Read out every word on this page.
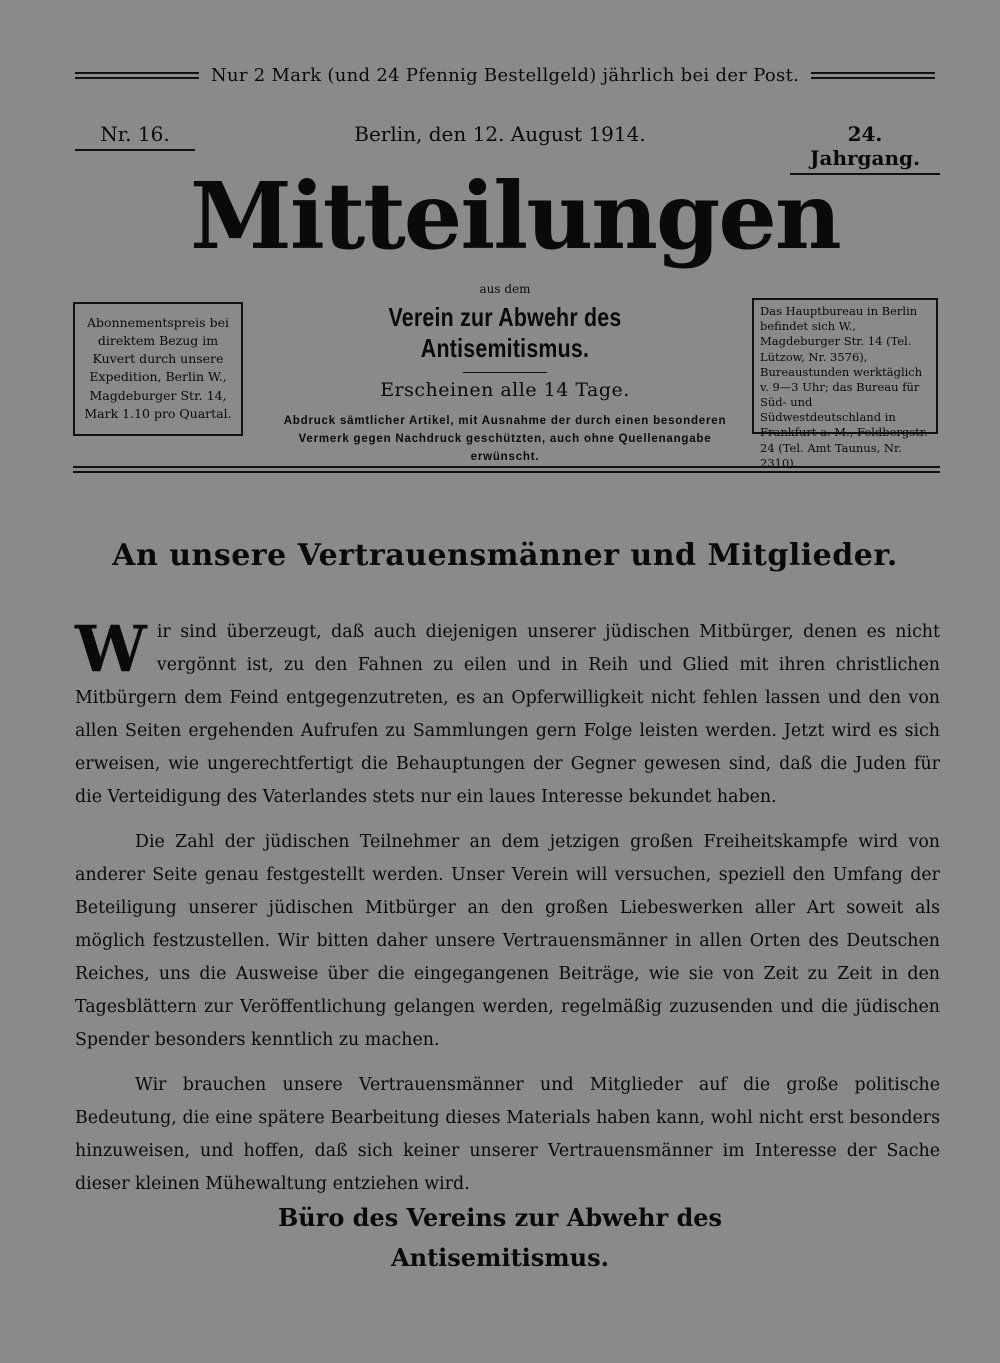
Nur 2 Mark (und 24 Pfennig Bestellgeld) jährlich bei der Post.
Nr. 16.	Berlin, den 12. August 1914.	24. Jahrgang.
Mitteilungen
Abonnementspreis bei direktem Bezug im Kuvert durch unsere Expedition, Berlin W., Magdeburger Str. 14, Mark 1.10 pro Quartal.
aus dem
Verein zur Abwehr des Antisemitismus.
Erscheinen alle 14 Tage.
Abdruck sämtlicher Artikel, mit Ausnahme der durch einen besonderen Vermerk gegen Nachdruck geschützten, auch ohne Quellenangabe erwünscht.
Das Hauptbureau in Berlin befindet sich W., Magdeburger Str. 14 (Tel. Lützow, Nr. 3576), Bureaustunden werktäglich v. 9—3 Uhr; das Bureau für Süd- und Südwestdeutschland in Frankfurt a. M., Feldbergstr. 24 (Tel. Amt Taunus, Nr. 2310).
An unsere Vertrauensmänner und Mitglieder.

W ir sind überzeugt, daß auch diejenigen unserer jüdischen Mitbürger, denen es nicht vergönnt ist, zu den Fahnen zu eilen und in Reih und Glied mit ihren christlichen Mitbürgern dem Feind entgegenzutreten, es an Opferwilligkeit nicht fehlen lassen und den von allen Seiten ergehenden Aufrufen zu Sammlungen gern Folge leisten werden. Jetzt wird es sich erweisen, wie ungerechtfertigt die Behauptungen der Gegner gewesen sind, daß die Juden für die Verteidigung des Vaterlandes stets nur ein laues Interesse bekundet haben.

Die Zahl der jüdischen Teilnehmer an dem jetzigen großen Freiheitskampfe wird von anderer Seite genau festgestellt werden. Unser Verein will versuchen, speziell den Umfang der Beteiligung unserer jüdischen Mitbürger an den großen Liebeswerken aller Art soweit als möglich festzustellen. Wir bitten daher unsere Vertrauensmänner in allen Orten des Deutschen Reiches, uns die Ausweise über die eingegangenen Beiträge, wie sie von Zeit zu Zeit in den Tagesblättern zur Veröffentlichung gelangen werden, regelmäßig zuzusenden und die jüdischen Spender besonders kenntlich zu machen.

Wir brauchen unsere Vertrauensmänner und Mitglieder auf die große politische Bedeutung, die eine spätere Bearbeitung dieses Materials haben kann, wohl nicht erst besonders hinzuweisen, und hoffen, daß sich keiner unserer Vertrauensmänner im Interesse der Sache dieser kleinen Mühewaltung entziehen wird.

Büro des Vereins zur Abwehr des
Antisemitismus.
